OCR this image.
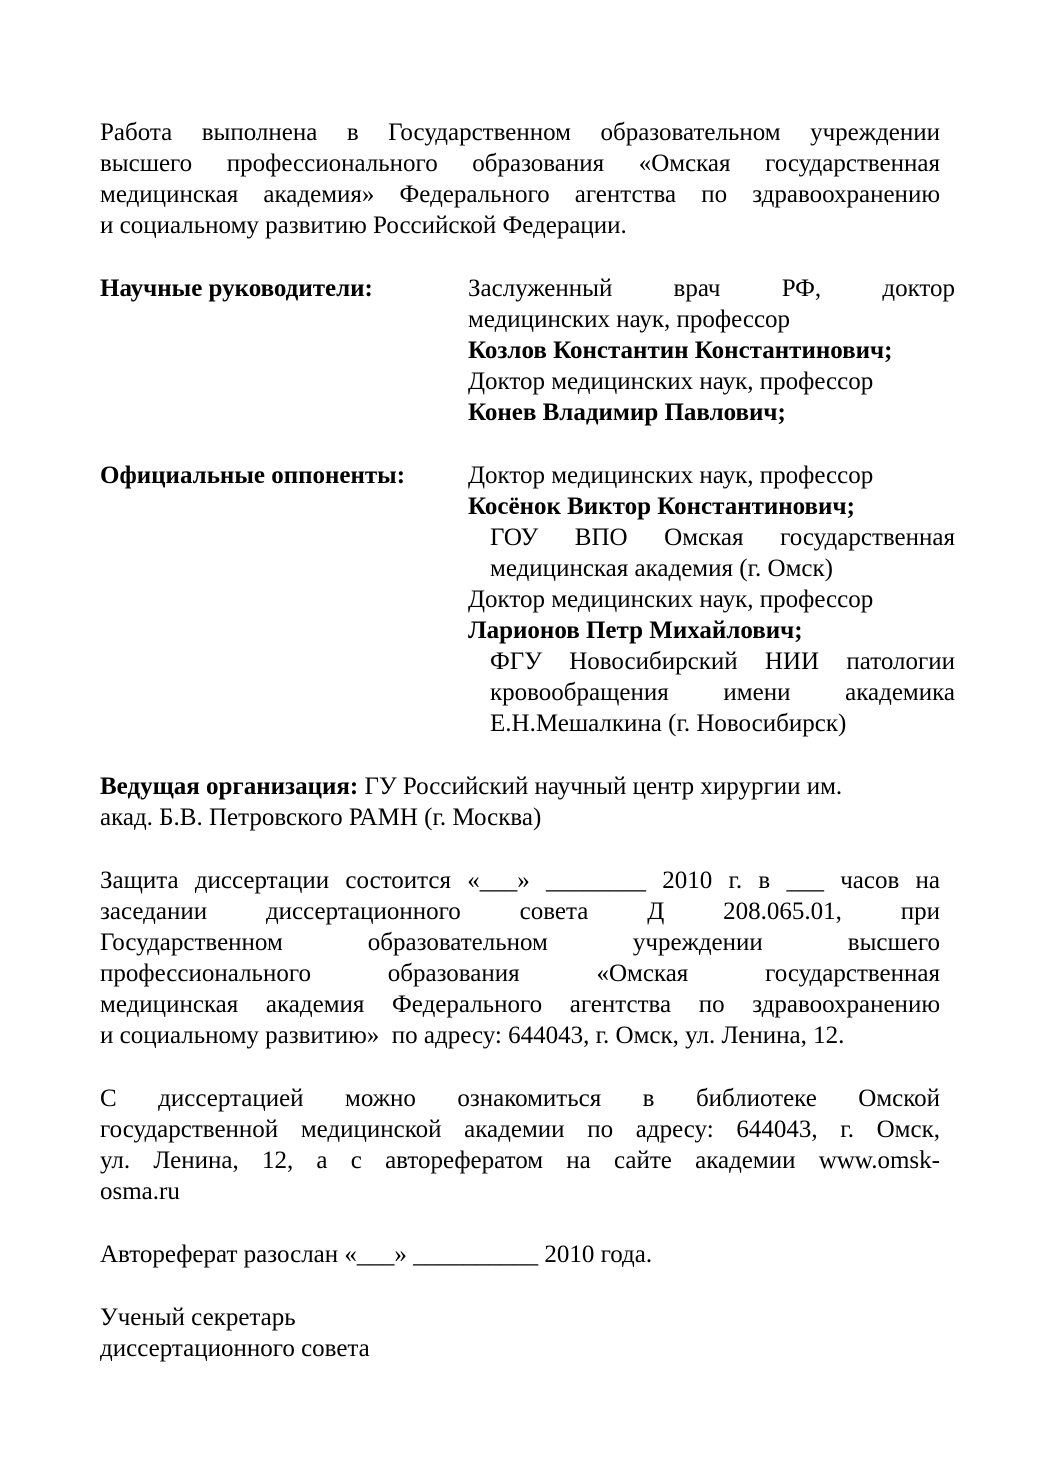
Работа выполнена в Государственном образовательном учреждении
высшего профессионального образования «Омская государственная
медицинская академия» Федерального агентства по здравоохранению
и социальному развитию Российской Федерации.
Научные руководители:	Заслуженный врач РФ, доктор
медицинских наук, профессор
Козлов Константин Константинович;
Доктор медицинских наук, профессор
Конев Владимир Павлович;
Официальные оппоненты:	Доктор медицинских наук, профессор
Косёнок Виктор Константинович;
ГОУ ВПО Омская государственная
медицинская академия (г. Омск)
Доктор медицинских наук, профессор
Ларионов Петр Михайлович;
ФГУ Новосибирский НИИ патологии
кровообращения имени академика
Е.Н.Мешалкина (г. Новосибирск)
Ведущая организация: ГУ Российский научный центр хирургии им.
акад. Б.В. Петровского РАМН (г. Москва)
Защита диссертации состоится «___» ________ 2010 г. в ___ часов на
заседании диссертационного совета Д 208.065.01, при
Государственном образовательном учреждении высшего
профессионального образования «Омская государственная
медицинская академия Федерального агентства по здравоохранению
и социальному развитию»  по адресу: 644043, г. Омск, ул. Ленина, 12.
С диссертацией можно ознакомиться в библиотеке Омской
государственной медицинской академии по адресу: 644043, г. Омск,
ул. Ленина, 12, а с авторефератом на сайте академии www.omsk-
osma.ru
Автореферат разослан «___» __________ 2010 года.
Ученый секретарь
диссертационного совета
